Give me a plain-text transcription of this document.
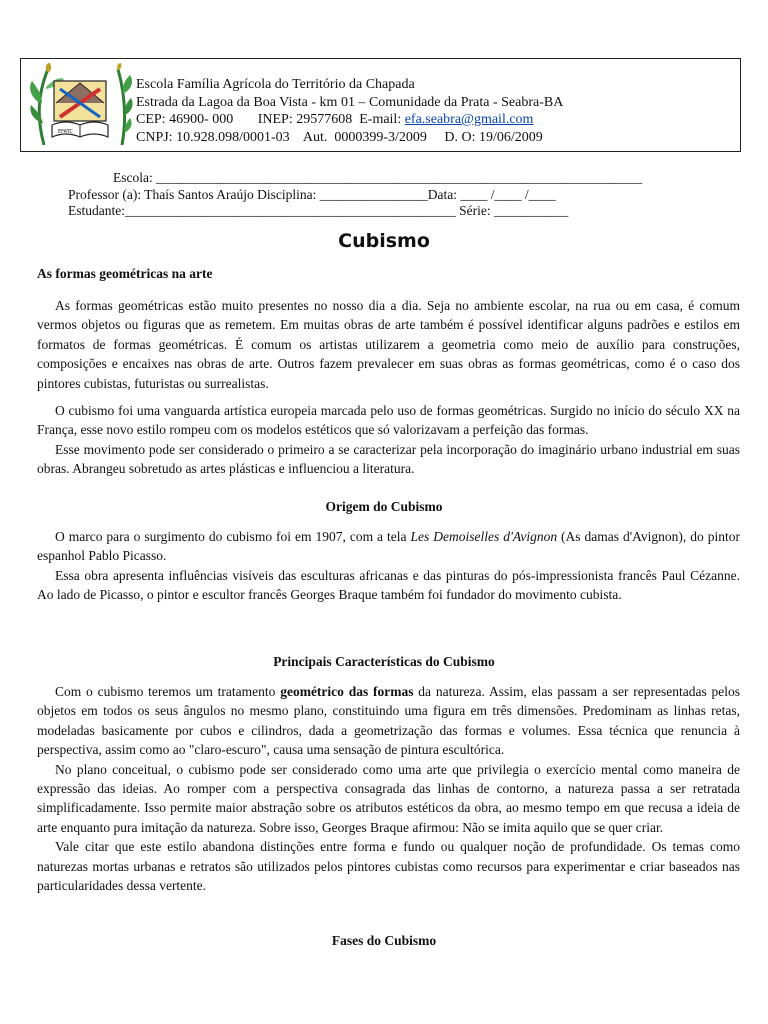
EFATC
Escola Família Agrícola do Território da Chapada
Estrada da Lagoa da Boa Vista - km 01 – Comunidade da Prata - Seabra-BA
CEP: 46900- 000       INEP: 29577608  E-mail: efa.seabra@gmail.com
CNPJ: 10.928.098/0001-03    Aut.  0000399-3/2009     D. O: 19/06/2009
Escola: ________________________________________________________________________
Professor (a): Thaís Santos Araújo Disciplina: ________________Data: ____ /____ /____
Estudante:_________________________________________________ Série: ___________
Cubismo
As formas geométricas na arte

As formas geométricas estão muito presentes no nosso dia a dia. Seja no ambiente escolar, na rua ou em casa, é comum vermos objetos ou figuras que as remetem. Em muitas obras de arte também é possível identificar alguns padrões e estilos em formatos de formas geométricas. É comum os artistas utilizarem a geometria como meio de auxílio para construções, composições e encaixes nas obras de arte. Outros fazem prevalecer em suas obras as formas geométricas, como é o caso dos pintores cubistas, futuristas ou surrealistas.

O cubismo foi uma vanguarda artística europeia marcada pelo uso de formas geométricas. Surgido no início do século XX na França, esse novo estilo rompeu com os modelos estéticos que só valorizavam a perfeição das formas.

Esse movimento pode ser considerado o primeiro a se caracterizar pela incorporação do imaginário urbano industrial em suas obras. Abrangeu sobretudo as artes plásticas e influenciou a literatura.

Origem do Cubismo

O marco para o surgimento do cubismo foi em 1907, com a tela Les Demoiselles d'Avignon (As damas d'Avignon), do pintor espanhol Pablo Picasso.

Essa obra apresenta influências visíveis das esculturas africanas e das pinturas do pós-impressionista francês Paul Cézanne. Ao lado de Picasso, o pintor e escultor francês Georges Braque também foi fundador do movimento cubista.

Principais Características do Cubismo

Com o cubismo teremos um tratamento geométrico das formas da natureza. Assim, elas passam a ser representadas pelos objetos em todos os seus ângulos no mesmo plano, constituindo uma figura em três dimensões. Predominam as linhas retas, modeladas basicamente por cubos e cilindros, dada a geometrização das formas e volumes. Essa técnica que renuncia à perspectiva, assim como ao "claro-escuro", causa uma sensação de pintura escultórica.

No plano conceitual, o cubismo pode ser considerado como uma arte que privilegia o exercício mental como maneira de expressão das ideias. Ao romper com a perspectiva consagrada das linhas de contorno, a natureza passa a ser retratada simplificadamente. Isso permite maior abstração sobre os atributos estéticos da obra, ao mesmo tempo em que recusa a ideia de arte enquanto pura imitação da natureza. Sobre isso, Georges Braque afirmou: Não se imita aquilo que se quer criar.

Vale citar que este estilo abandona distinções entre forma e fundo ou qualquer noção de profundidade. Os temas como naturezas mortas urbanas e retratos são utilizados pelos pintores cubistas como recursos para experimentar e criar baseados nas particularidades dessa vertente.

Fases do Cubismo
